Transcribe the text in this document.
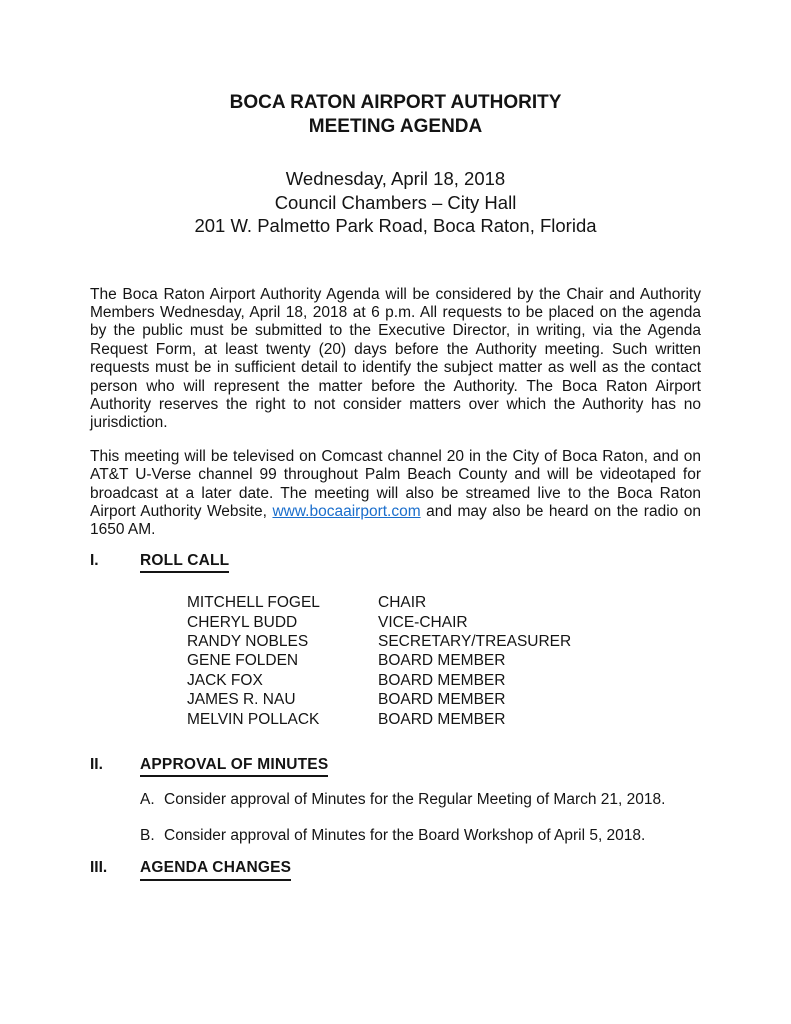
BOCA RATON AIRPORT AUTHORITY
MEETING AGENDA
Wednesday, April 18, 2018
Council Chambers – City Hall
201 W. Palmetto Park Road, Boca Raton, Florida

The Boca Raton Airport Authority Agenda will be considered by the Chair and Authority Members Wednesday, April 18, 2018 at 6 p.m. All requests to be placed on the agenda by the public must be submitted to the Executive Director, in writing, via the Agenda Request Form, at least twenty (20) days before the Authority meeting. Such written requests must be in sufficient detail to identify the subject matter as well as the contact person who will represent the matter before the Authority. The Boca Raton Airport Authority reserves the right to not consider matters over which the Authority has no jurisdiction.

This meeting will be televised on Comcast channel 20 in the City of Boca Raton, and on AT&T U-Verse channel 99 throughout Palm Beach County and will be videotaped for broadcast at a later date. The meeting will also be streamed live to the Boca Raton Airport Authority Website, www.bocaairport.com and may also be heard on the radio on 1650 AM.

I.	ROLL CALL
MITCHELL FOGEL	CHAIR
CHERYL BUDD	VICE-CHAIR
RANDY NOBLES	SECRETARY/TREASURER
GENE FOLDEN	BOARD MEMBER
JACK FOX	BOARD MEMBER
JAMES R. NAU	BOARD MEMBER
MELVIN POLLACK	BOARD MEMBER
II.	APPROVAL OF MINUTES
A. Consider approval of Minutes for the Regular Meeting of March 21, 2018.
B. Consider approval of Minutes for the Board Workshop of April 5, 2018.
III.	AGENDA CHANGES
